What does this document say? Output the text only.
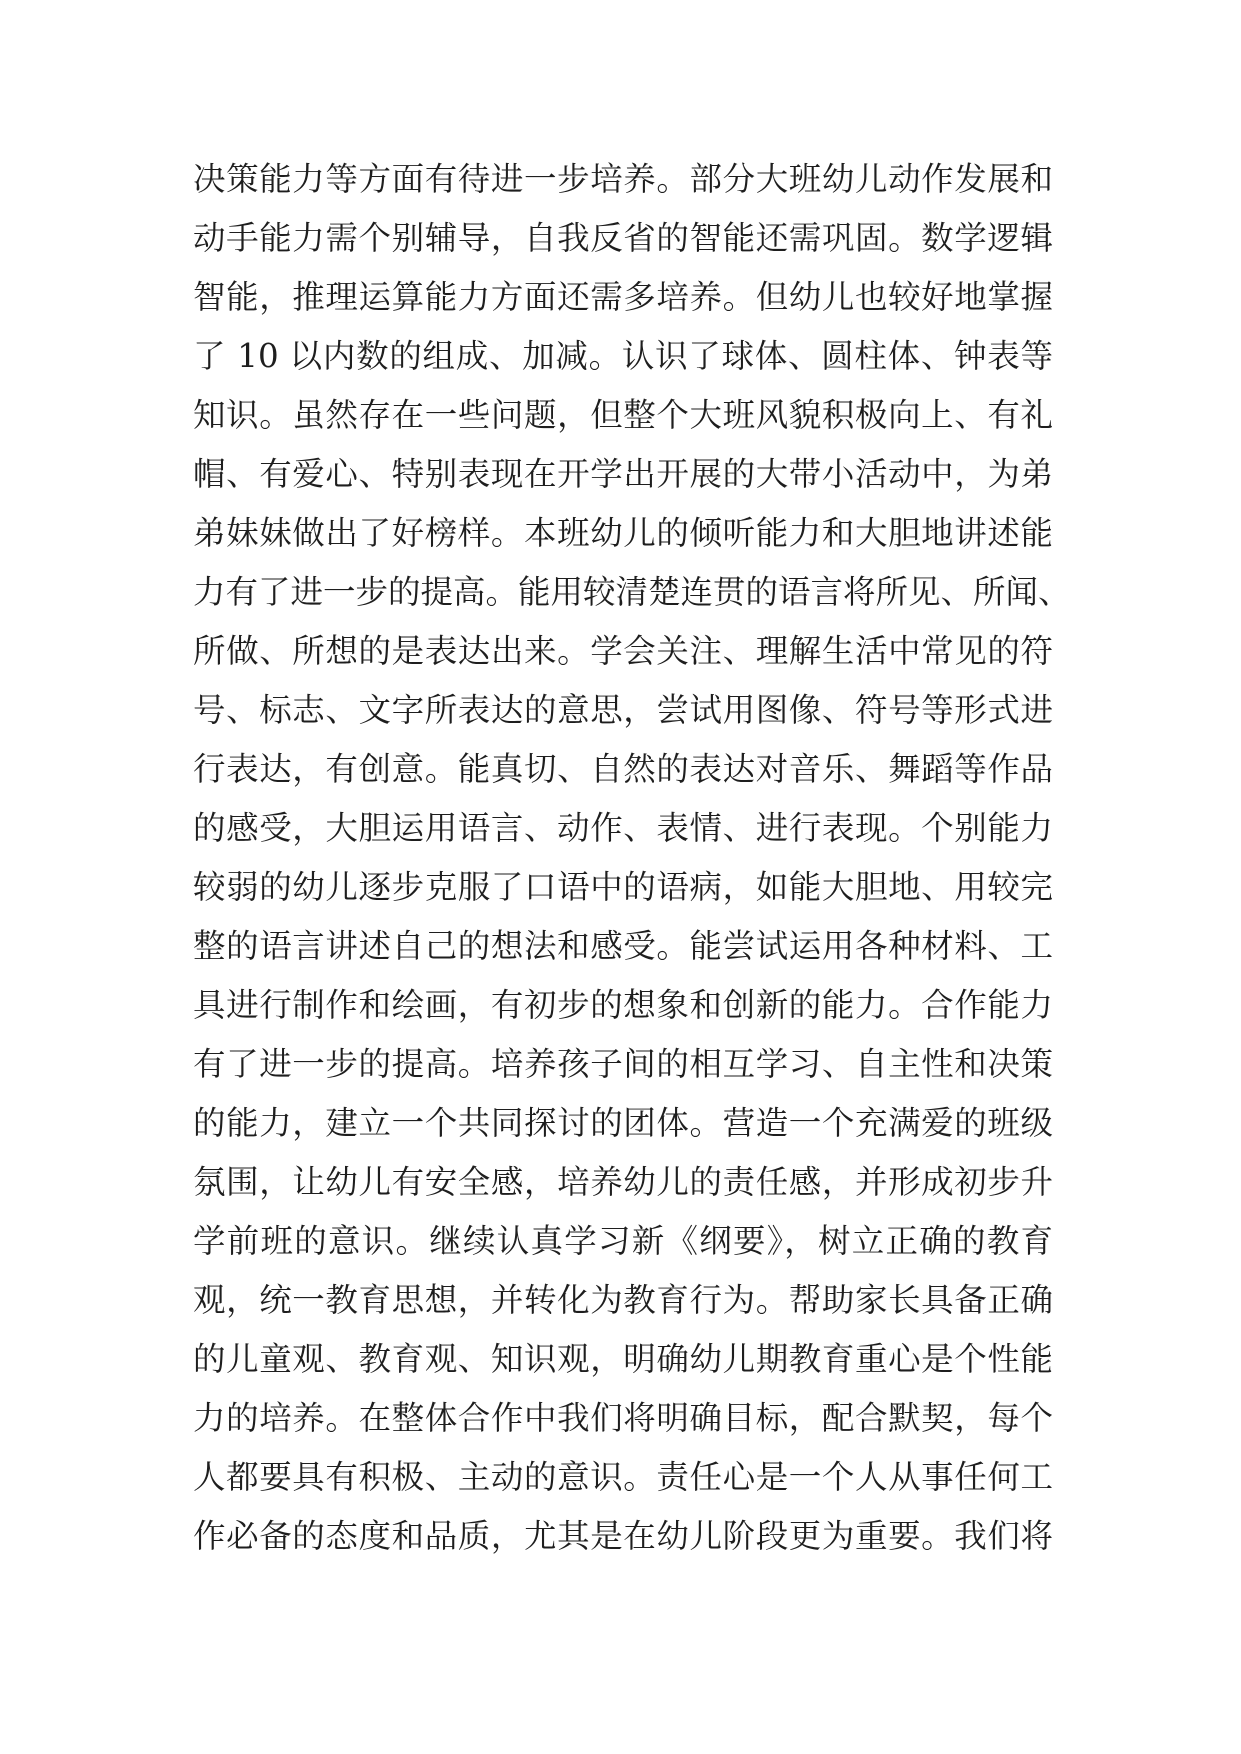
决策能力等方面有待进一步培养。部分大班幼儿动作发展和
动手能力需个别辅导，自我反省的智能还需巩固。数学逻辑
智能，推理运算能力方面还需多培养。但幼儿也较好地掌握
了 10 以内数的组成、加减。认识了球体、圆柱体、钟表等
知识。虽然存在一些问题，但整个大班风貌积极向上、有礼
帽、有爱心、特别表现在开学出开展的大带小活动中，为弟
弟妹妹做出了好榜样。本班幼儿的倾听能力和大胆地讲述能
力有了进一步的提高。能用较清楚连贯的语言将所见、所闻、
所做、所想的是表达出来。学会关注、理解生活中常见的符
号、标志、文字所表达的意思，尝试用图像、符号等形式进
行表达，有创意。能真切、自然的表达对音乐、舞蹈等作品
的感受，大胆运用语言、动作、表情、进行表现。个别能力
较弱的幼儿逐步克服了口语中的语病，如能大胆地、用较完
整的语言讲述自己的想法和感受。能尝试运用各种材料、工
具进行制作和绘画，有初步的想象和创新的能力。合作能力
有了进一步的提高。培养孩子间的相互学习、自主性和决策
的能力，建立一个共同探讨的团体。营造一个充满爱的班级
氛围，让幼儿有安全感，培养幼儿的责任感，并形成初步升
学前班的意识。继续认真学习新《纲要》，树立正确的教育
观，统一教育思想，并转化为教育行为。帮助家长具备正确
的儿童观、教育观、知识观，明确幼儿期教育重心是个性能
力的培养。在整体合作中我们将明确目标，配合默契，每个
人都要具有积极、主动的意识。责任心是一个人从事任何工
作必备的态度和品质，尤其是在幼儿阶段更为重要。我们将
